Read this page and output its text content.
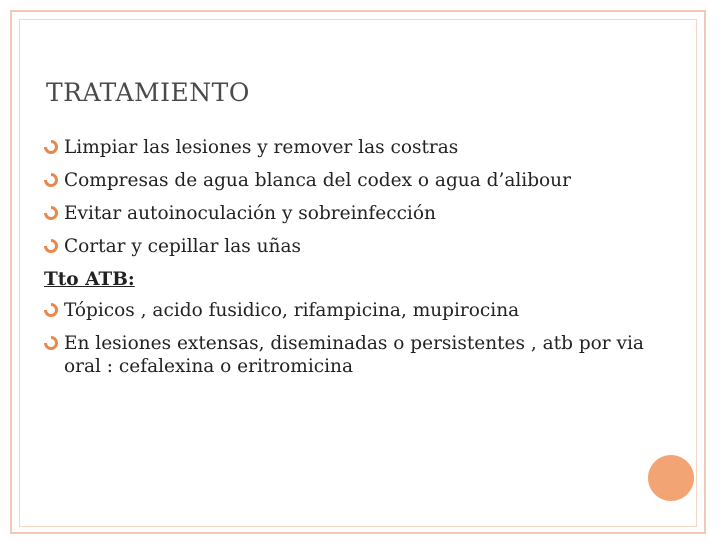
TRATAMIENTO
Limpiar las lesiones y remover las costras
Compresas de agua blanca del codex o agua d’alibour
Evitar autoinoculación y sobreinfección
Cortar y cepillar las uñas
Tto ATB:
Tópicos , acido fusidico, rifampicina, mupirocina
En lesiones extensas, diseminadas o persistentes , atb por via oral : cefalexina o eritromicina
